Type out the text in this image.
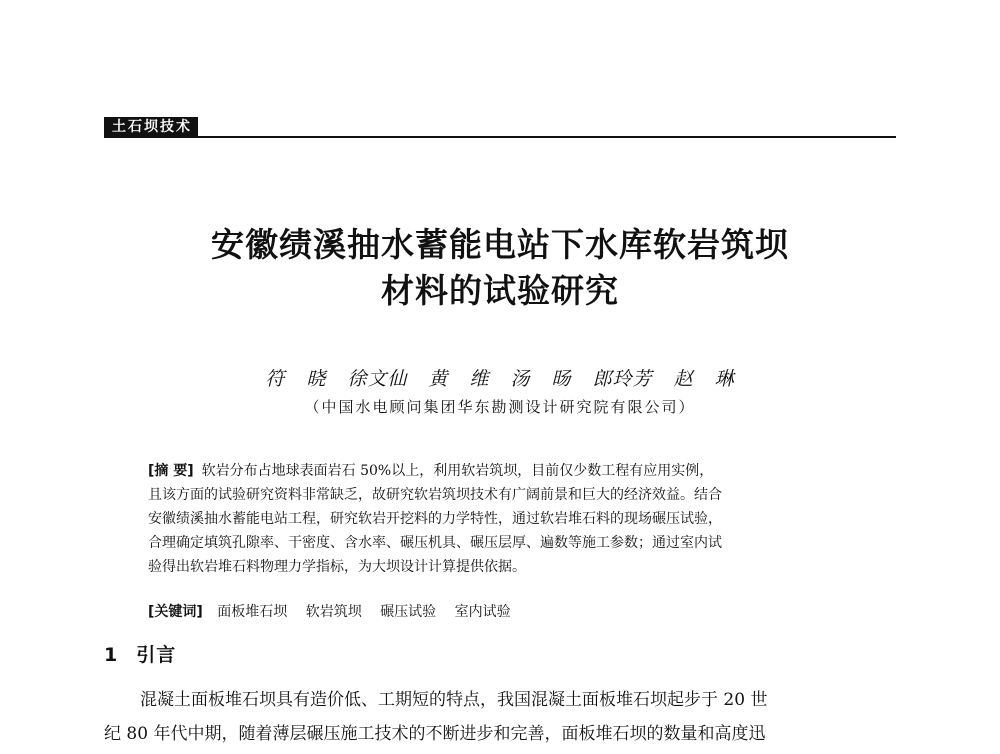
土石坝技术
安徽绩溪抽水蓄能电站下水库软岩筑坝
材料的试验研究
符 晓 徐文仙 黄 维 汤 旸 郎玲芳 赵 琳
（中国水电顾问集团华东勘测设计研究院有限公司）
[摘 要] 软岩分布占地球表面岩石 50%以上，利用软岩筑坝，目前仅少数工程有应用实例，
且该方面的试验研究资料非常缺乏，故研究软岩筑坝技术有广阔前景和巨大的经济效益。结合
安徽绩溪抽水蓄能电站工程，研究软岩开挖料的力学特性，通过软岩堆石料的现场碾压试验，
合理确定填筑孔隙率、干密度、含水率、碾压机具、碾压层厚、遍数等施工参数；通过室内试
验得出软岩堆石料物理力学指标，为大坝设计计算提供依据。
[关键词] 面板堆石坝 软岩筑坝 碾压试验 室内试验
1 引言
混凝土面板堆石坝具有造价低、工期短的特点，我国混凝土面板堆石坝起步于 20 世
纪 80 年代中期，随着薄层碾压施工技术的不断进步和完善，面板堆石坝的数量和高度迅
